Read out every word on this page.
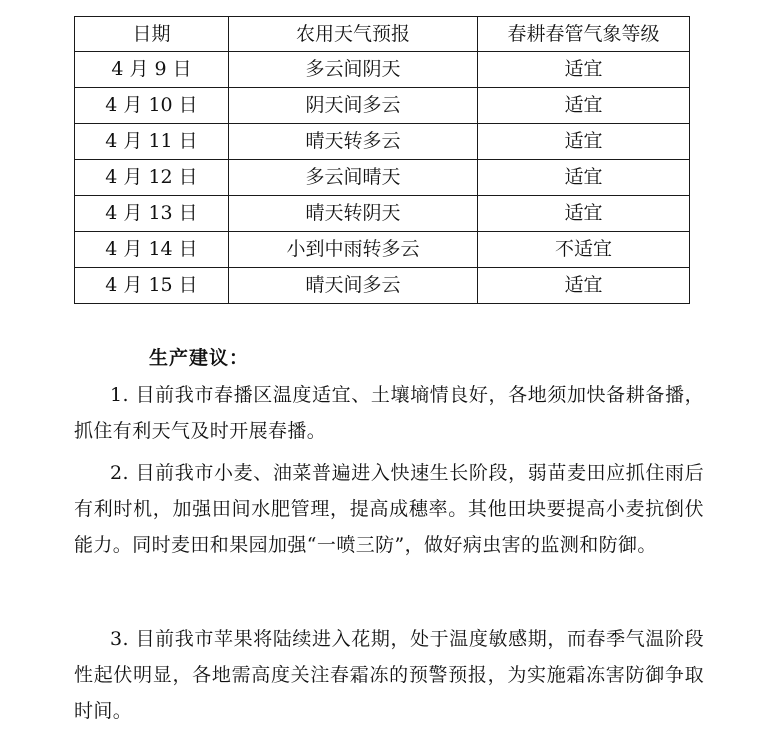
日期	农用天气预报	春耕春管气象等级
4 月 9 日	多云间阴天	适宜
4 月 10 日	阴天间多云	适宜
4 月 11 日	晴天转多云	适宜
4 月 12 日	多云间晴天	适宜
4 月 13 日	晴天转阴天	适宜
4 月 14 日	小到中雨转多云	不适宜
4 月 15 日	晴天间多云	适宜
生产建议：
1. 目前我市春播区温度适宜、土壤墒情良好，各地须加快备耕备播，抓住有利天气及时开展春播。
2. 目前我市小麦、油菜普遍进入快速生长阶段，弱苗麦田应抓住雨后有利时机，加强田间水肥管理，提高成穗率。其他田块要提高小麦抗倒伏能力。同时麦田和果园加强“一喷三防”，做好病虫害的监测和防御。
3. 目前我市苹果将陆续进入花期，处于温度敏感期，而春季气温阶段性起伏明显，各地需高度关注春霜冻的预警预报，为实施霜冻害防御争取时间。
